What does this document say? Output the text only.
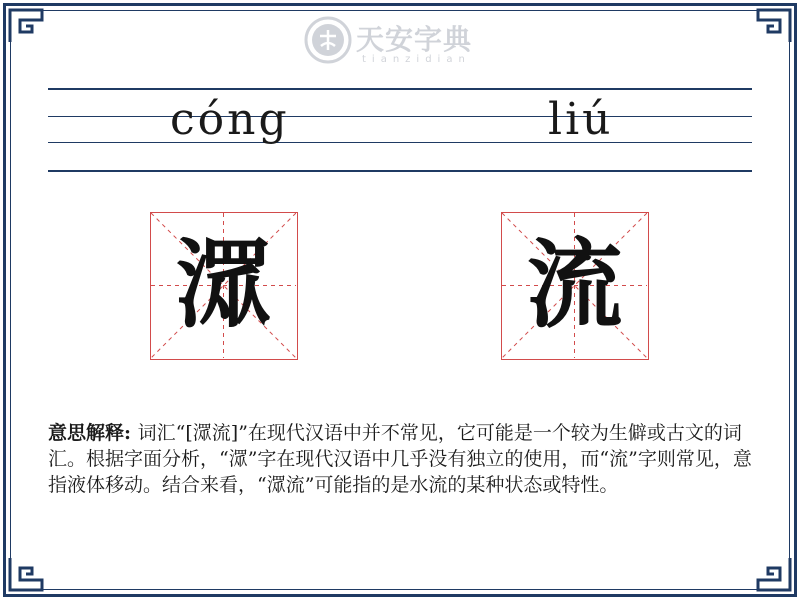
天安字典
tianzidian
cóng	liú
潀	流
意思解释: 词汇“[潀流]”在现代汉语中并不常见，它可能是一个较为生僻或古文的词汇。根据字面分析，“潀”字在现代汉语中几乎没有独立的使用，而“流”字则常见，意指液体移动。结合来看，“潀流”可能指的是水流的某种状态或特性。
